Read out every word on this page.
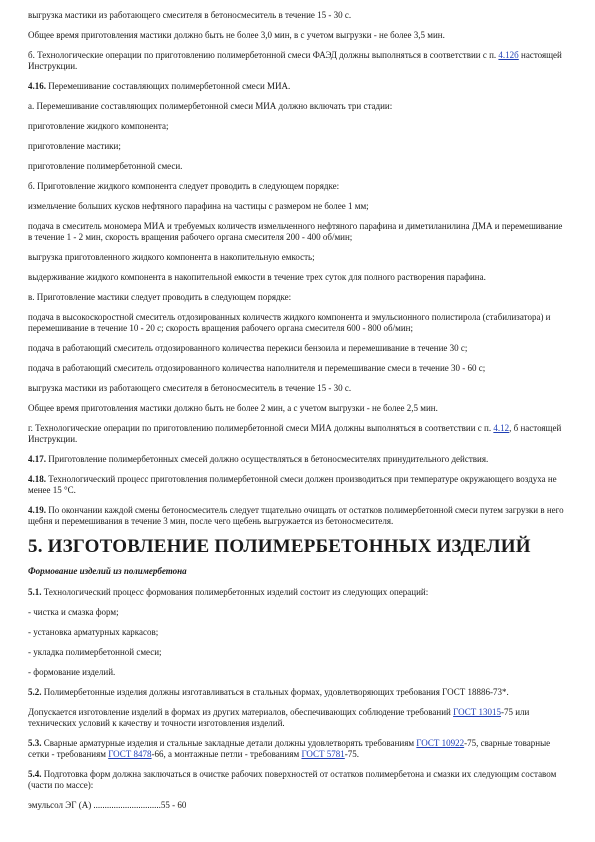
выгрузка мастики из работающего смесителя в бетоносмеситель в течение 15 - 30 с.
Общее время приготовления мастики должно быть не более 3,0 мин, в с учетом выгрузки - не более 3,5 мин.
б. Технологические операции по приготовлению полимербетонной смеси ФАЭД должны выполняться в соответствии с п. 4.12б настоящей Инструкции.
4.16. Перемешивание составляющих полимербетонной смеси МИА.
а. Перемешивание составляющих полимербетонной смеси МИА должно включать три стадии:
приготовление жидкого компонента;
приготовление мастики;
приготовление полимербетонной смеси.
б. Приготовление жидкого компонента следует проводить в следующем порядке:
измельчение больших кусков нефтяного парафина на частицы с размером не более 1 мм;
подача в смеситель мономера МИА и требуемых количеств измельченного нефтяного парафина и диметиланилина ДМА и перемешивание в течение 1 - 2 мин, скорость вращения рабочего органа смесителя 200 - 400 об/мин;
выгрузка приготовленного жидкого компонента в накопительную емкость;
выдерживание жидкого компонента в накопительной емкости в течение трех суток для полного растворения парафина.
в. Приготовление мастики следует проводить в следующем порядке:
подача в высокоскоростной смеситель отдозированных количеств жидкого компонента и эмульсионного полистирола (стабилизатора) и перемешивание в течение 10 - 20 с; скорость вращения рабочего органа смесителя 600 - 800 об/мин;
подача в работающий смеситель отдозированного количества перекиси бензоила и перемешивание в течение 30 с;
подача в работающий смеситель отдозированного количества наполнителя и перемешивание смеси в течение 30 - 60 с;
выгрузка мастики из работающего смесителя в бетоносмеситель в течение 15 - 30 с.
Общее время приготовления мастики должно быть не более 2 мин, а с учетом выгрузки - не более 2,5 мин.
г. Технологические операции по приготовлению полимербетонной смеси МИА должны выполняться в соответствии с п. 4.12, б настоящей Инструкции.
4.17. Приготовление полимербетонных смесей должно осуществляться в бетоносмесителях принудительного действия.
4.18. Технологический процесс приготовления полимербетонной смеси должен производиться при температуре окружающего воздуха не менее 15 °С.
4.19. По окончании каждой смены бетоносмеситель следует тщательно очищать от остатков полимербетонной смеси путем загрузки в него щебня и перемешивания в течение 3 мин, после чего щебень выгружается из бетоносмесителя.
5. ИЗГОТОВЛЕНИЕ ПОЛИМЕРБЕТОННЫХ ИЗДЕЛИЙ
Формование изделий из полимербетона
5.1. Технологический процесс формования полимербетонных изделий состоит из следующих операций:
- чистка и смазка форм;
- установка арматурных каркасов;
- укладка полимербетонной смеси;
- формование изделий.
5.2. Полимербетонные изделия должны изготавливаться в стальных формах, удовлетворяющих требования ГОСТ 18886-73*.
Допускается изготовление изделий в формах из других материалов, обеспечивающих соблюдение требований ГОСТ 13015-75 или технических условий к качеству и точности изготовления изделий.
5.3. Сварные арматурные изделия и стальные закладные детали должны удовлетворять требованиям ГОСТ 10922-75, сварные товарные сетки - требованиям ГОСТ 8478-66, а монтажные петли - требованиям ГОСТ 5781-75.
5.4. Подготовка форм должна заключаться в очистке рабочих поверхностей от остатков полимербетона и смазки их следующим составом (части по массе):
эмульсол ЭГ (А) ..............................55 - 60
